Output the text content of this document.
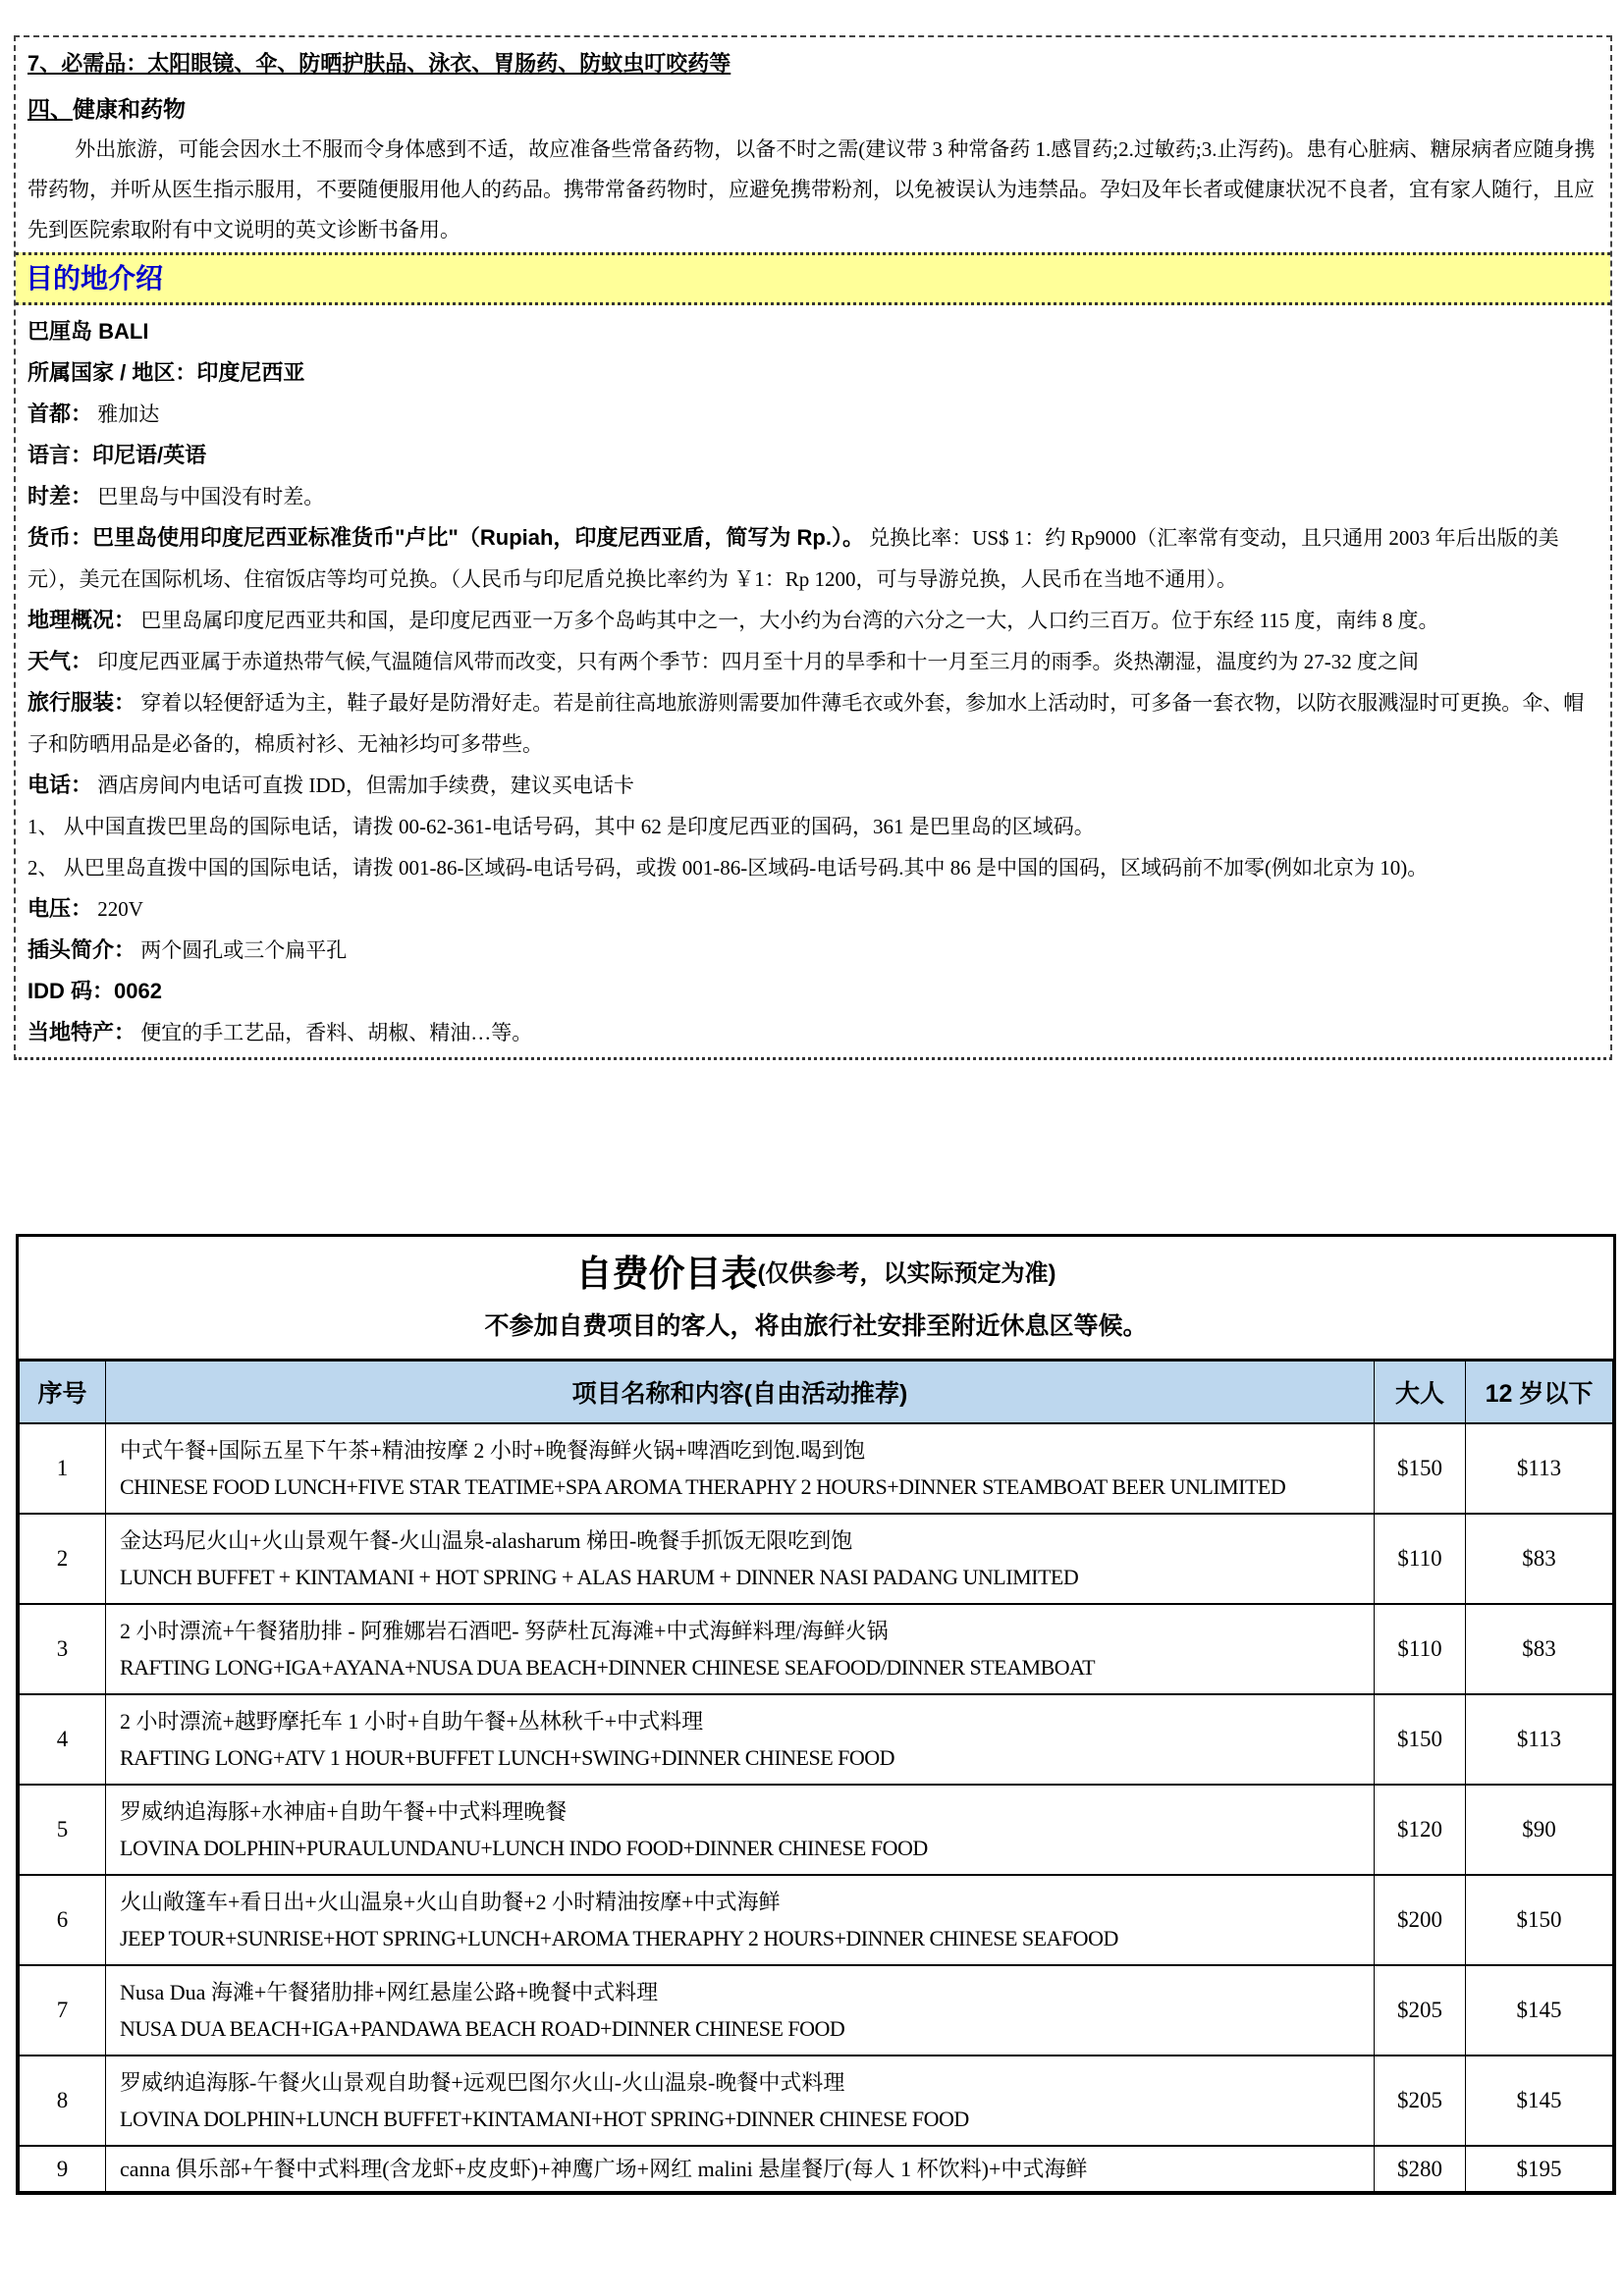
7、必需品：太阳眼镜、伞、防晒护肤品、泳衣、胃肠药、防蚊虫叮咬药等
四、健康和药物

外出旅游，可能会因水土不服而令身体感到不适，故应准备些常备药物，以备不时之需(建议带 3 种常备药 1.感冒药;2.过敏药;3.止泻药)。患有心脏病、糖尿病者应随身携带药物，并听从医生指示服用，不要随便服用他人的药品。携带常备药物时，应避免携带粉剂，以免被误认为违禁品。孕妇及年长者或健康状况不良者，宜有家人随行，且应先到医院索取附有中文说明的英文诊断书备用。

目的地介绍
巴厘岛 BALI
所属国家 / 地区：印度尼西亚
首都： 雅加达
语言：印尼语/英语
时差： 巴里岛与中国没有时差。
货币：巴里岛使用印度尼西亚标准货币"卢比"（Rupiah，印度尼西亚盾，简写为 Rp.）。 兑换比率：US$ 1：约 Rp9000（汇率常有变动，且只通用 2003 年后出版的美元），美元在国际机场、住宿饭店等均可兑换。（人民币与印尼盾兑换比率约为 ￥1：Rp 1200，可与导游兑换，人民币在当地不通用）。
地理概况： 巴里岛属印度尼西亚共和国，是印度尼西亚一万多个岛屿其中之一，大小约为台湾的六分之一大，人口约三百万。位于东经 115 度，南纬 8 度。
天气： 印度尼西亚属于赤道热带气候,气温随信风带而改变，只有两个季节：四月至十月的旱季和十一月至三月的雨季。炎热潮湿，温度约为 27-32 度之间
旅行服装： 穿着以轻便舒适为主，鞋子最好是防滑好走。若是前往高地旅游则需要加件薄毛衣或外套，参加水上活动时，可多备一套衣物，以防衣服溅湿时可更换。伞、帽子和防晒用品是必备的，棉质衬衫、无袖衫均可多带些。
电话： 酒店房间内电话可直拨 IDD，但需加手续费，建议买电话卡
1、 从中国直拨巴里岛的国际电话，请拨 00-62-361-电话号码，其中 62 是印度尼西亚的国码，361 是巴里岛的区域码。
2、 从巴里岛直拨中国的国际电话，请拨 001-86-区域码-电话号码，或拨 001-86-区域码-电话号码.其中 86 是中国的国码，区域码前不加零(例如北京为 10)。
电压： 220V
插头简介： 两个圆孔或三个扁平孔
IDD 码：0062
当地特产： 便宜的手工艺品，香料、胡椒、精油…等。
自费价目表(仅供参考，以实际预定为准)
不参加自费项目的客人，将由旅行社安排至附近休息区等候。
序号	项目名称和内容(自由活动推荐)	大人	12 岁以下
1	中式午餐+国际五星下午茶+精油按摩 2 小时+晚餐海鲜火锅+啤酒吃到饱.喝到饱
CHINESE FOOD LUNCH+FIVE STAR TEATIME+SPA AROMA THERAPHY 2 HOURS+DINNER STEAMBOAT BEER UNLIMITED	$150	$113
2	金达玛尼火山+火山景观午餐-火山温泉-alasharum 梯田-晚餐手抓饭无限吃到饱
LUNCH BUFFET + KINTAMANI + HOT SPRING + ALAS HARUM + DINNER NASI PADANG UNLIMITED	$110	$83
3	2 小时漂流+午餐猪肋排 - 阿雅娜岩石酒吧- 努萨杜瓦海滩+中式海鲜料理/海鲜火锅
RAFTING LONG+IGA+AYANA+NUSA DUA BEACH+DINNER CHINESE SEAFOOD/DINNER STEAMBOAT	$110	$83
4	2 小时漂流+越野摩托车 1 小时+自助午餐+丛林秋千+中式料理
RAFTING LONG+ATV 1 HOUR+BUFFET LUNCH+SWING+DINNER CHINESE FOOD	$150	$113
5	罗威纳追海豚+水神庙+自助午餐+中式料理晚餐
LOVINA DOLPHIN+PURAULUNDANU+LUNCH INDO FOOD+DINNER CHINESE FOOD	$120	$90
6	火山敞篷车+看日出+火山温泉+火山自助餐+2 小时精油按摩+中式海鲜
JEEP TOUR+SUNRISE+HOT SPRING+LUNCH+AROMA THERAPHY 2 HOURS+DINNER CHINESE SEAFOOD	$200	$150
7	Nusa Dua 海滩+午餐猪肋排+网红悬崖公路+晚餐中式料理
NUSA DUA BEACH+IGA+PANDAWA BEACH ROAD+DINNER CHINESE FOOD	$205	$145
8	罗威纳追海豚-午餐火山景观自助餐+远观巴图尔火山-火山温泉-晚餐中式料理
LOVINA DOLPHIN+LUNCH BUFFET+KINTAMANI+HOT SPRING+DINNER CHINESE FOOD	$205	$145
9	canna 俱乐部+午餐中式料理(含龙虾+皮皮虾)+神鹰广场+网红 malini 悬崖餐厅(每人 1 杯饮料)+中式海鲜	$280	$195
